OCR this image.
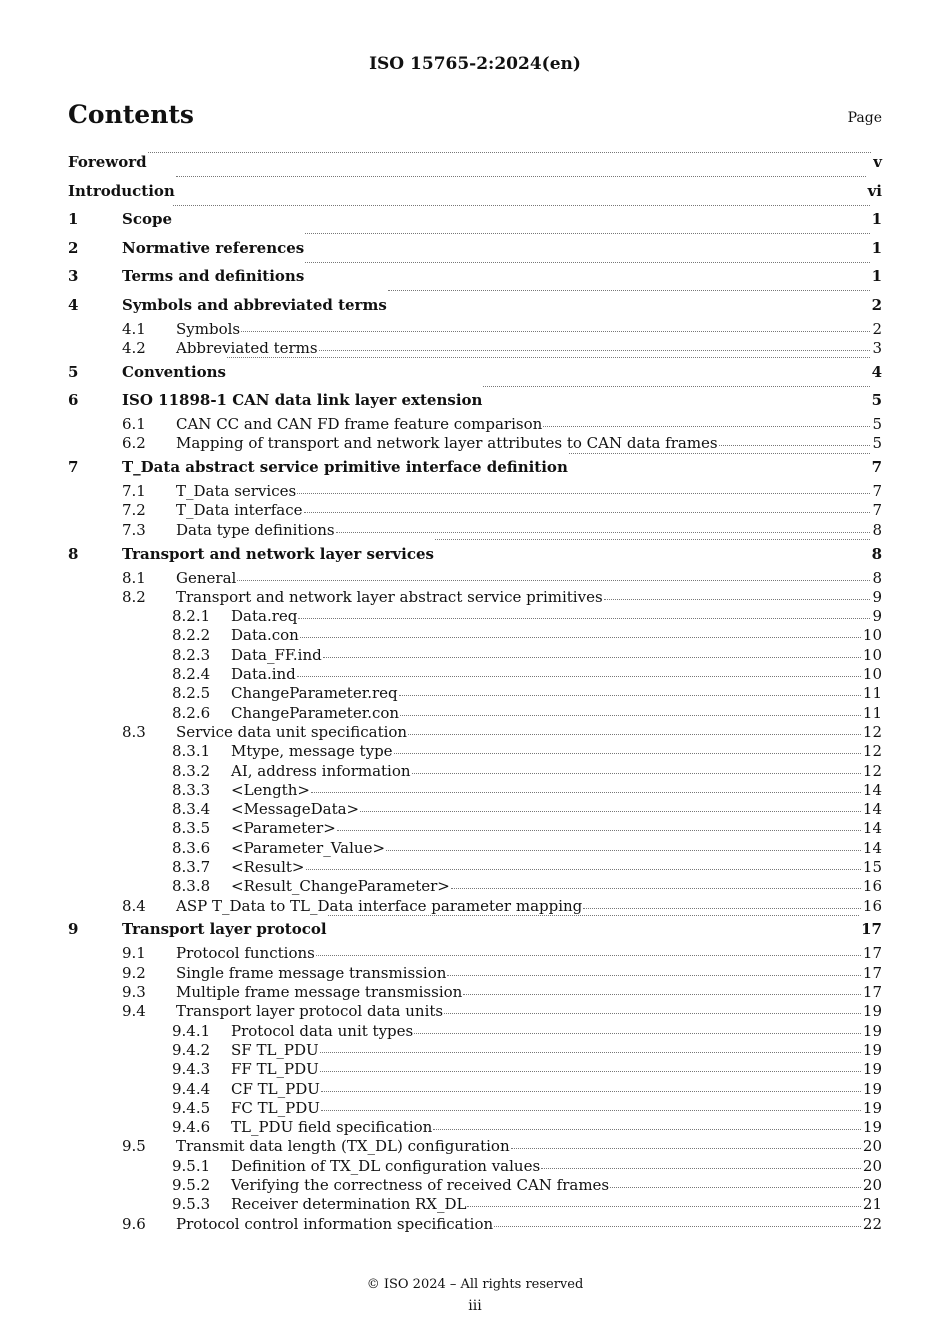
ISO 15765-2:2024(en)
Contents	Page
Foreword	v
Introduction	vi
1	Scope	1
2	Normative references	1
3	Terms and definitions	1
4	Symbols and abbreviated terms	2
4.1	Symbols	2
4.2	Abbreviated terms	3
5	Conventions	4
6	ISO 11898-1 CAN data link layer extension	5
6.1	CAN CC and CAN FD frame feature comparison	5
6.2	Mapping of transport and network layer attributes to CAN data frames	5
7	T_Data abstract service primitive interface definition	7
7.1	T_Data services	7
7.2	T_Data interface	7
7.3	Data type definitions	8
8	Transport and network layer services	8
8.1	General	8
8.2	Transport and network layer abstract service primitives	9
8.2.1	Data.req	9
8.2.2	Data.con	10
8.2.3	Data_FF.ind	10
8.2.4	Data.ind	10
8.2.5	ChangeParameter.req	11
8.2.6	ChangeParameter.con	11
8.3	Service data unit specification	12
8.3.1	Mtype, message type	12
8.3.2	AI, address information	12
8.3.3	<Length>	14
8.3.4	<MessageData>	14
8.3.5	<Parameter>	14
8.3.6	<Parameter_Value>	14
8.3.7	<Result>	15
8.3.8	<Result_ChangeParameter>	16
8.4	ASP T_Data to TL_Data interface parameter mapping	16
9	Transport layer protocol	17
9.1	Protocol functions	17
9.2	Single frame message transmission	17
9.3	Multiple frame message transmission	17
9.4	Transport layer protocol data units	19
9.4.1	Protocol data unit types	19
9.4.2	SF TL_PDU	19
9.4.3	FF TL_PDU	19
9.4.4	CF TL_PDU	19
9.4.5	FC TL_PDU	19
9.4.6	TL_PDU field specification	19
9.5	Transmit data length (TX_DL) configuration	20
9.5.1	Definition of TX_DL configuration values	20
9.5.2	Verifying the correctness of received CAN frames	20
9.5.3	Receiver determination RX_DL	21
9.6	Protocol control information specification	22
© ISO 2024 – All rights reserved
iii
